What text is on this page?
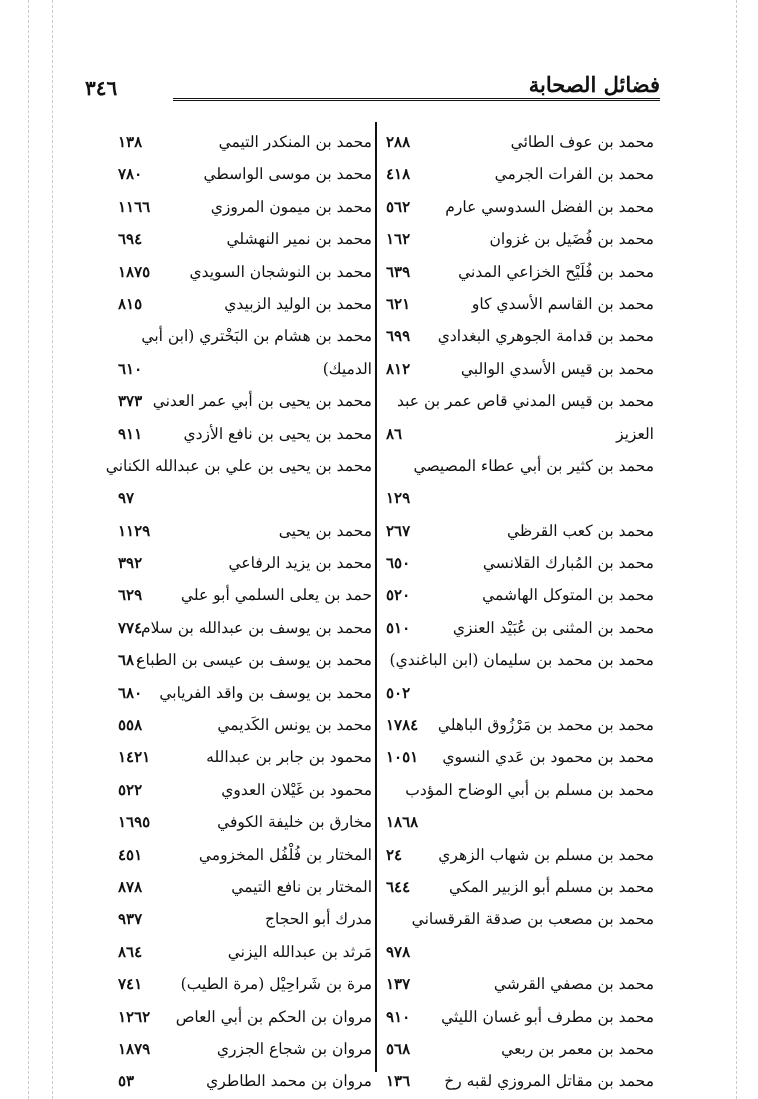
فضائل الصحابة
٣٤٦
محمد بن عوف الطائي
٢٨٨
محمد بن الفرات الجرمي
٤١٨
محمد بن الفضل السدوسي عارم
٥٦٢
محمد بن فُضَيل بن غزوان
١٦٢
محمد بن فُلَيْح الخزاعي المدني
٦٣٩
محمد بن القاسم الأسدي كاو
٦٢١
محمد بن قدامة الجوهري البغدادي
٦٩٩
محمد بن قيس الأسدي الوالبي
٨١٢
محمد بن قيس المدني قاص عمر بن عبد
العزيز
٨٦
محمد بن كثير بن أبي عطاء المصيصي
١٢٩
محمد بن كعب القرظي
٢٦٧
محمد بن المُبارك القلانسي
٦٥٠
محمد بن المتوكل الهاشمي
٥٢٠
محمد بن المثنى بن عُبَيْد العنزي
٥١٠
محمد بن محمد بن سليمان (ابن الباغندي)
٥٠٢
محمد بن محمد بن مَرْزُوق الباهلي
١٧٨٤
محمد بن محمود بن عَدي النسوي
١٠٥١
محمد بن مسلم بن أبي الوضاح المؤدب
١٨٦٨
محمد بن مسلم بن شهاب الزهري
٢٤
محمد بن مسلم أبو الزبير المكي
٦٤٤
محمد بن مصعب بن صدقة القرقساني
٩٧٨
محمد بن مصفي القرشي
١٣٧
محمد بن مطرف أبو غسان الليثي
٩١٠
محمد بن معمر بن ربعي
٥٦٨
محمد بن مقاتل المروزي لقبه رخ
١٣٦
محمد بن المنكدر التيمي
١٣٨
محمد بن موسى الواسطي
٧٨٠
محمد بن ميمون المروزي
١١٦٦
محمد بن نمير النهشلي
٦٩٤
محمد بن النوشجان السويدي
١٨٧٥
محمد بن الوليد الزبيدي
٨١٥
محمد بن هشام بن البَخْتري (ابن أبي
الدميك)
٦١٠
محمد بن يحيى بن أبي عمر العدني
٣٧٣
محمد بن يحيى بن نافع الأزدي
٩١١
محمد بن يحيى بن علي بن عبدالله الكناني
٩٧
محمد بن يحيى
١١٢٩
محمد بن يزيد الرفاعي
٣٩٢
حمد بن يعلى السلمي أبو علي
٦٢٩
محمد بن يوسف بن عبدالله بن سلام
٧٧٤
محمد بن يوسف بن عيسى بن الطباع
٦٨٠
محمد بن يوسف بن واقد الفريابي
٦٨٠
محمد بن يونس الكَديمي
٥٥٨
محمود بن جابر بن عبدالله
١٤٢١
محمود بن غَيْلان العدوي
٥٢٢
مخارق بن خليفة الكوفي
١٦٩٥
المختار بن فُلْفُل المخزومي
٤٥١
المختار بن نافع التيمي
٨٧٨
مدرك أبو الحجاج
٩٣٧
مَرثد بن عبدالله اليزني
٨٦٤
مرة بن شَراحِيْل (مرة الطيب)
٧٤١
مروان بن الحكم بن أبي العاص
١٢٦٢
مروان بن شجاع الجزري
١٨٧٩
مروان بن محمد الطاطري
٥٣
